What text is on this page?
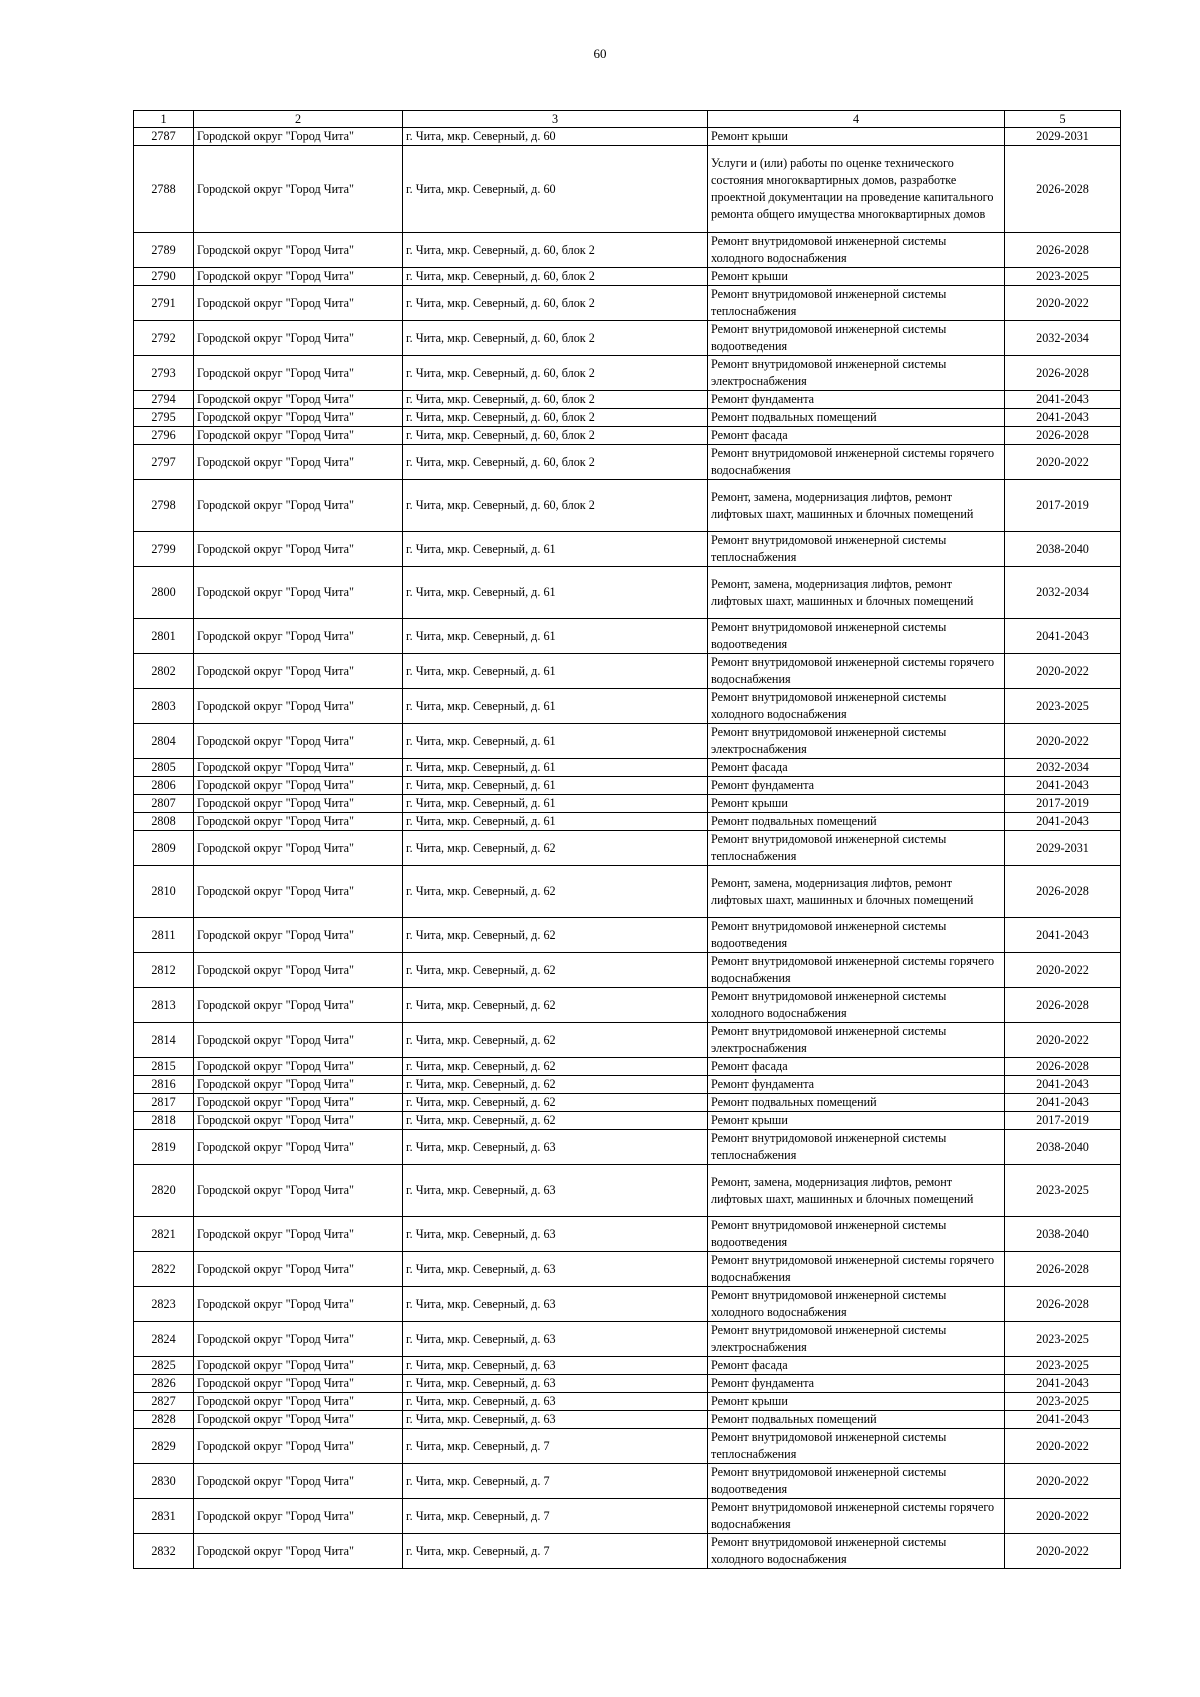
60
1	2	3	4	5
2787	Городской округ "Город Чита"	г. Чита, мкр. Северный, д. 60	Ремонт крыши	2029-2031
2788	Городской округ "Город Чита"	г. Чита, мкр. Северный, д. 60	Услуги и (или) работы по оценке технического состояния многоквартирных домов, разработке проектной документации на проведение капитального ремонта общего имущества многоквартирных домов	2026-2028
2789	Городской округ "Город Чита"	г. Чита, мкр. Северный, д. 60, блок 2	Ремонт внутридомовой инженерной системы холодного водоснабжения	2026-2028
2790	Городской округ "Город Чита"	г. Чита, мкр. Северный, д. 60, блок 2	Ремонт крыши	2023-2025
2791	Городской округ "Город Чита"	г. Чита, мкр. Северный, д. 60, блок 2	Ремонт внутридомовой инженерной системы теплоснабжения	2020-2022
2792	Городской округ "Город Чита"	г. Чита, мкр. Северный, д. 60, блок 2	Ремонт внутридомовой инженерной системы водоотведения	2032-2034
2793	Городской округ "Город Чита"	г. Чита, мкр. Северный, д. 60, блок 2	Ремонт внутридомовой инженерной системы электроснабжения	2026-2028
2794	Городской округ "Город Чита"	г. Чита, мкр. Северный, д. 60, блок 2	Ремонт фундамента	2041-2043
2795	Городской округ "Город Чита"	г. Чита, мкр. Северный, д. 60, блок 2	Ремонт подвальных помещений	2041-2043
2796	Городской округ "Город Чита"	г. Чита, мкр. Северный, д. 60, блок 2	Ремонт фасада	2026-2028
2797	Городской округ "Город Чита"	г. Чита, мкр. Северный, д. 60, блок 2	Ремонт внутридомовой инженерной системы горячего водоснабжения	2020-2022
2798	Городской округ "Город Чита"	г. Чита, мкр. Северный, д. 60, блок 2	Ремонт, замена, модернизация лифтов, ремонт лифтовых шахт, машинных и блочных помещений	2017-2019
2799	Городской округ "Город Чита"	г. Чита, мкр. Северный, д. 61	Ремонт внутридомовой инженерной системы теплоснабжения	2038-2040
2800	Городской округ "Город Чита"	г. Чита, мкр. Северный, д. 61	Ремонт, замена, модернизация лифтов, ремонт лифтовых шахт, машинных и блочных помещений	2032-2034
2801	Городской округ "Город Чита"	г. Чита, мкр. Северный, д. 61	Ремонт внутридомовой инженерной системы водоотведения	2041-2043
2802	Городской округ "Город Чита"	г. Чита, мкр. Северный, д. 61	Ремонт внутридомовой инженерной системы горячего водоснабжения	2020-2022
2803	Городской округ "Город Чита"	г. Чита, мкр. Северный, д. 61	Ремонт внутридомовой инженерной системы холодного водоснабжения	2023-2025
2804	Городской округ "Город Чита"	г. Чита, мкр. Северный, д. 61	Ремонт внутридомовой инженерной системы электроснабжения	2020-2022
2805	Городской округ "Город Чита"	г. Чита, мкр. Северный, д. 61	Ремонт фасада	2032-2034
2806	Городской округ "Город Чита"	г. Чита, мкр. Северный, д. 61	Ремонт фундамента	2041-2043
2807	Городской округ "Город Чита"	г. Чита, мкр. Северный, д. 61	Ремонт крыши	2017-2019
2808	Городской округ "Город Чита"	г. Чита, мкр. Северный, д. 61	Ремонт подвальных помещений	2041-2043
2809	Городской округ "Город Чита"	г. Чита, мкр. Северный, д. 62	Ремонт внутридомовой инженерной системы теплоснабжения	2029-2031
2810	Городской округ "Город Чита"	г. Чита, мкр. Северный, д. 62	Ремонт, замена, модернизация лифтов, ремонт лифтовых шахт, машинных и блочных помещений	2026-2028
2811	Городской округ "Город Чита"	г. Чита, мкр. Северный, д. 62	Ремонт внутридомовой инженерной системы водоотведения	2041-2043
2812	Городской округ "Город Чита"	г. Чита, мкр. Северный, д. 62	Ремонт внутридомовой инженерной системы горячего водоснабжения	2020-2022
2813	Городской округ "Город Чита"	г. Чита, мкр. Северный, д. 62	Ремонт внутридомовой инженерной системы холодного водоснабжения	2026-2028
2814	Городской округ "Город Чита"	г. Чита, мкр. Северный, д. 62	Ремонт внутридомовой инженерной системы электроснабжения	2020-2022
2815	Городской округ "Город Чита"	г. Чита, мкр. Северный, д. 62	Ремонт фасада	2026-2028
2816	Городской округ "Город Чита"	г. Чита, мкр. Северный, д. 62	Ремонт фундамента	2041-2043
2817	Городской округ "Город Чита"	г. Чита, мкр. Северный, д. 62	Ремонт подвальных помещений	2041-2043
2818	Городской округ "Город Чита"	г. Чита, мкр. Северный, д. 62	Ремонт крыши	2017-2019
2819	Городской округ "Город Чита"	г. Чита, мкр. Северный, д. 63	Ремонт внутридомовой инженерной системы теплоснабжения	2038-2040
2820	Городской округ "Город Чита"	г. Чита, мкр. Северный, д. 63	Ремонт, замена, модернизация лифтов, ремонт лифтовых шахт, машинных и блочных помещений	2023-2025
2821	Городской округ "Город Чита"	г. Чита, мкр. Северный, д. 63	Ремонт внутридомовой инженерной системы водоотведения	2038-2040
2822	Городской округ "Город Чита"	г. Чита, мкр. Северный, д. 63	Ремонт внутридомовой инженерной системы горячего водоснабжения	2026-2028
2823	Городской округ "Город Чита"	г. Чита, мкр. Северный, д. 63	Ремонт внутридомовой инженерной системы холодного водоснабжения	2026-2028
2824	Городской округ "Город Чита"	г. Чита, мкр. Северный, д. 63	Ремонт внутридомовой инженерной системы электроснабжения	2023-2025
2825	Городской округ "Город Чита"	г. Чита, мкр. Северный, д. 63	Ремонт фасада	2023-2025
2826	Городской округ "Город Чита"	г. Чита, мкр. Северный, д. 63	Ремонт фундамента	2041-2043
2827	Городской округ "Город Чита"	г. Чита, мкр. Северный, д. 63	Ремонт крыши	2023-2025
2828	Городской округ "Город Чита"	г. Чита, мкр. Северный, д. 63	Ремонт подвальных помещений	2041-2043
2829	Городской округ "Город Чита"	г. Чита, мкр. Северный, д. 7	Ремонт внутридомовой инженерной системы теплоснабжения	2020-2022
2830	Городской округ "Город Чита"	г. Чита, мкр. Северный, д. 7	Ремонт внутридомовой инженерной системы водоотведения	2020-2022
2831	Городской округ "Город Чита"	г. Чита, мкр. Северный, д. 7	Ремонт внутридомовой инженерной системы горячего водоснабжения	2020-2022
2832	Городской округ "Город Чита"	г. Чита, мкр. Северный, д. 7	Ремонт внутридомовой инженерной системы холодного водоснабжения	2020-2022
